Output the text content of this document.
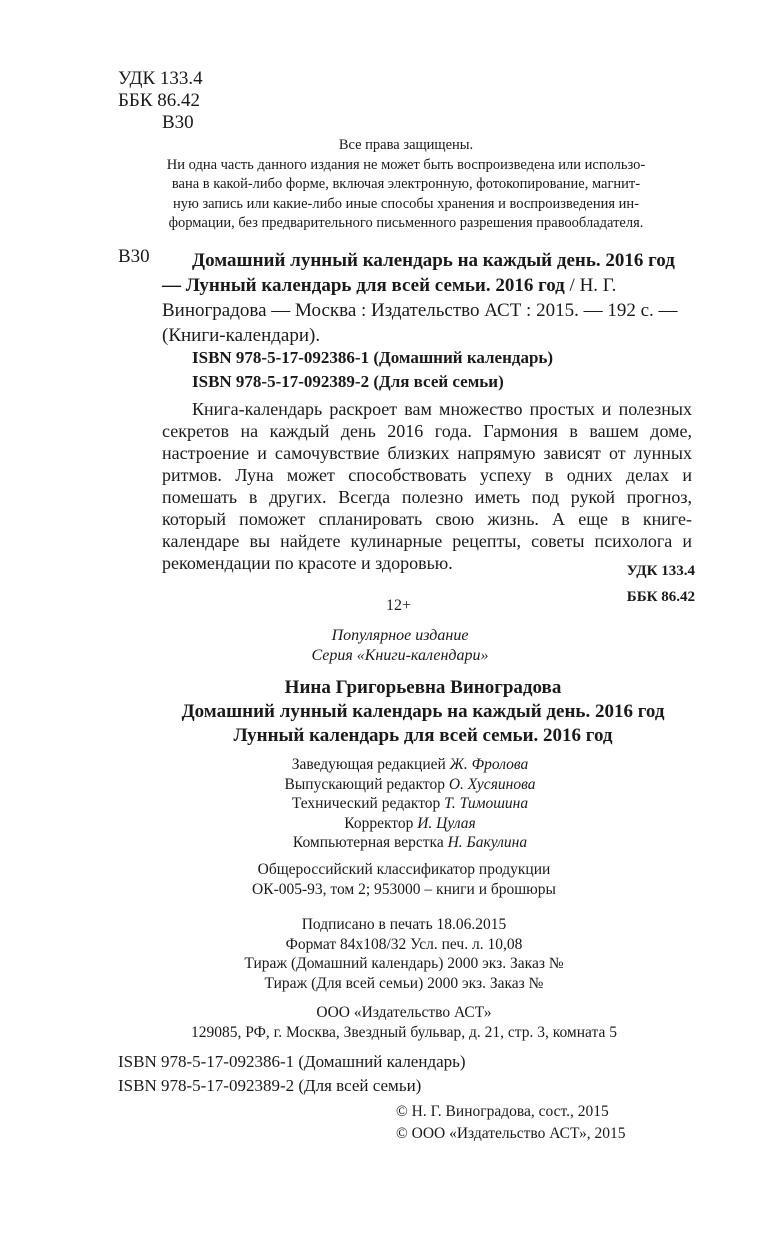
УДК 133.4
ББК 86.42
В30
Все права защищены.
Ни одна часть данного издания не может быть воспроизведена или использо-
вана в какой-либо форме, включая электронную, фотокопирование, магнит-
ную запись или какие-либо иные способы хранения и воспроизведения ин-
формации, без предварительного письменного разрешения правообладателя.
В30	Домашний лунный календарь на каждый день. 2016 год — Лунный календарь для всей семьи. 2016 год / Н. Г. Виноградова — Москва : Издательство АСТ : 2015. — 192 с. — (Книги-календари).
ISBN 978-5-17-092386-1 (Домашний календарь)
ISBN 978-5-17-092389-2 (Для всей семьи)
Книга-календарь раскроет вам множество простых и полезных секретов на каждый день 2016 года. Гармония в вашем доме, настроение и самочувствие близких напрямую зависят от лунных ритмов. Луна может способствовать успеху в одних делах и помешать в других. Всегда полезно иметь под рукой прогноз, который поможет спланировать свою жизнь. А еще в книге-календаре вы найдете кулинарные рецепты, советы психолога и рекомендации по красоте и здоровью.	УДК 133.4
ББК 86.42
12+
Популярное издание
Серия «Книги-календари»
Нина Григорьевна Виноградова
Домашний лунный календарь на каждый день. 2016 год
Лунный календарь для всей семьи. 2016 год
Заведующая редакцией Ж. Фролова
Выпускающий редактор О. Хусяинова
Технический редактор Т. Тимошина
Корректор И. Цулая
Компьютерная верстка Н. Бакулина
Общероссийский классификатор продукции
ОК-005-93, том 2; 953000 – книги и брошюры
Подписано в печать 18.06.2015
Формат 84x108/32 Усл. печ. л. 10,08
Тираж (Домашний календарь) 2000 экз. Заказ №
Тираж (Для всей семьи) 2000 экз. Заказ №
ООО «Издательство АСТ»
129085, РФ, г. Москва, Звездный бульвар, д. 21, стр. 3, комната 5
ISBN 978-5-17-092386-1 (Домашний календарь)
ISBN 978-5-17-092389-2 (Для всей семьи)
© Н. Г. Виноградова, сост., 2015
© ООО «Издательство АСТ», 2015
